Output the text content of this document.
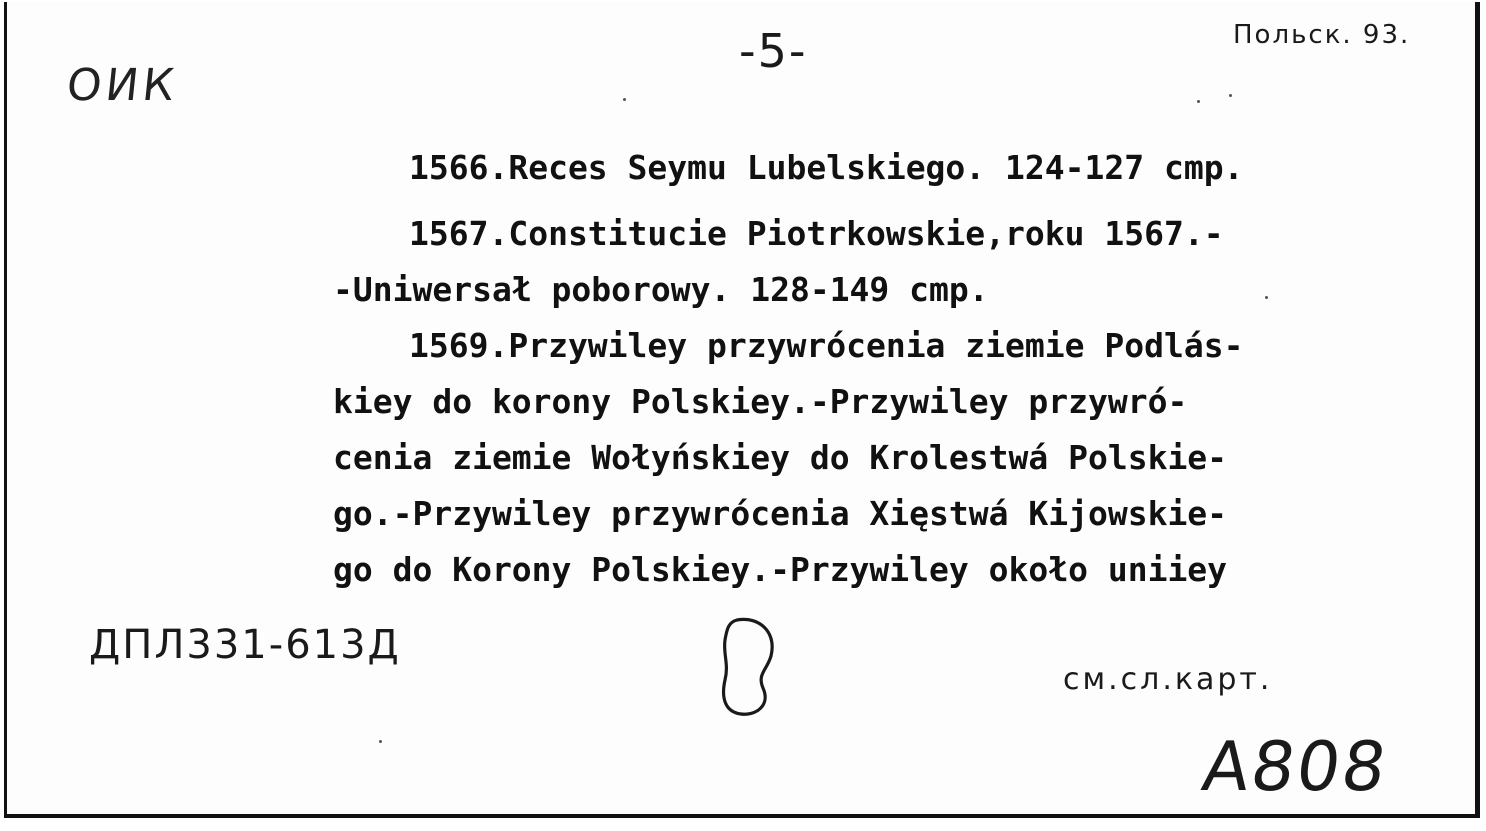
ОИК
-5-	Польск. 93.
1566.Reces Seymu Lubelskiego. 124-127 cmp.
1567.Constitucie Piotrkowskie,roku 1567.-
-Uniwersał poborowy. 128-149 cmp.
1569.Przywiley przywrócenia ziemie Podlás-
kiey do korony Polskiey.-Przywiley przywró-
cenia ziemie Wołyńskiey do Krolestwá Polskie-
go.-Przywiley przywrócenia Xięstwá Kijowskie-
go do Korony Polskiey.-Przywiley około uniiey
ДПЛ331-613Д
см.сл.карт.
А808
